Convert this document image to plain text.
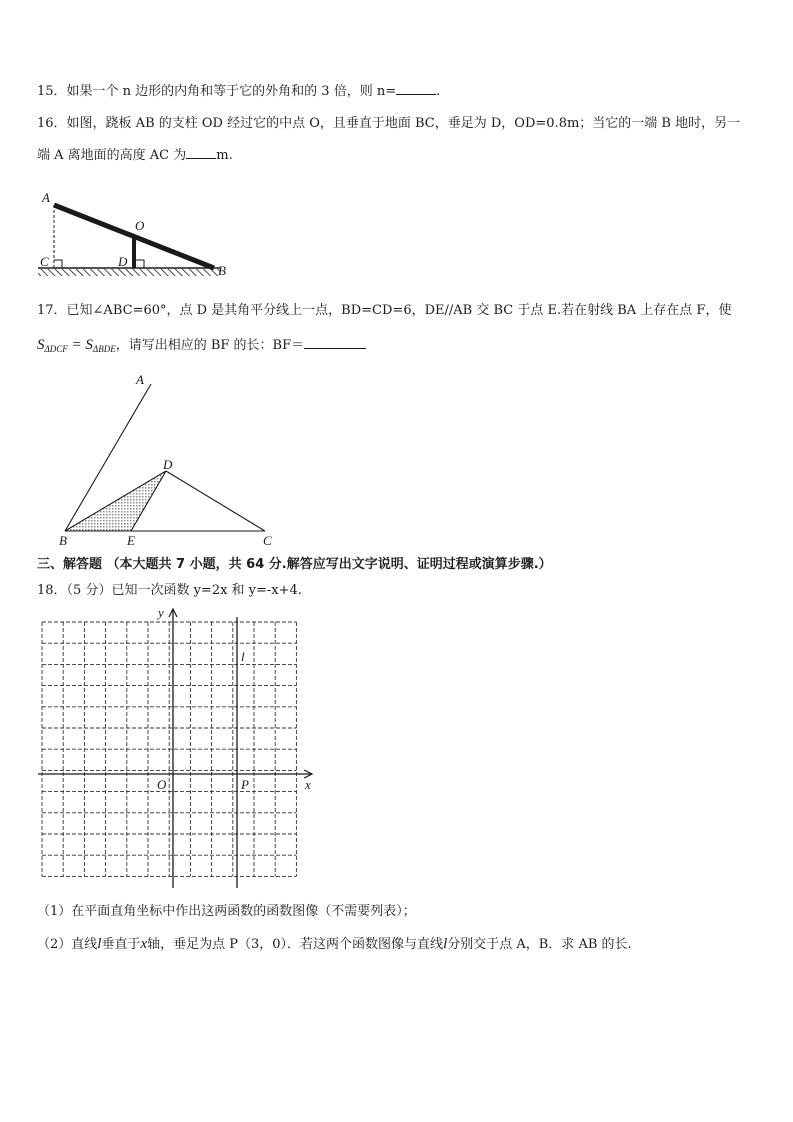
15．如果一个 n 边形的内角和等于它的外角和的 3 倍，则 n=	.
16．如图，跷板 AB 的支柱 OD 经过它的中点 O，且垂直于地面 BC，垂足为 D，OD=0.8m；当它的一端 B 地时，另一
端 A 离地面的高度 AC 为 m.
A
O
C	D
B
17．已知∠ABC=60°，点 D 是其角平分线上一点，BD=CD=6，DE//AB 交 BC 于点 E.若在射线 BA 上存在点 F，使
$S_{\Delta DCF} = S_{\Delta BDE}$，请写出相应的 BF 的长：BF＝
A
D
B	E	C
三、解答题 （本大题共 7 小题，共 64 分.解答应写出文字说明、证明过程或演算步骤.）
18．（5 分）已知一次函数 y=2x 和 y=-x+4.
y
x
O	P
l
（1）在平面直角坐标中作出这两函数的函数图像（不需要列表）；
（2）直线l垂直于x轴，垂足为点 P（3，0）．若这两个函数图像与直线l分别交于点 A，B．求 AB 的长.
